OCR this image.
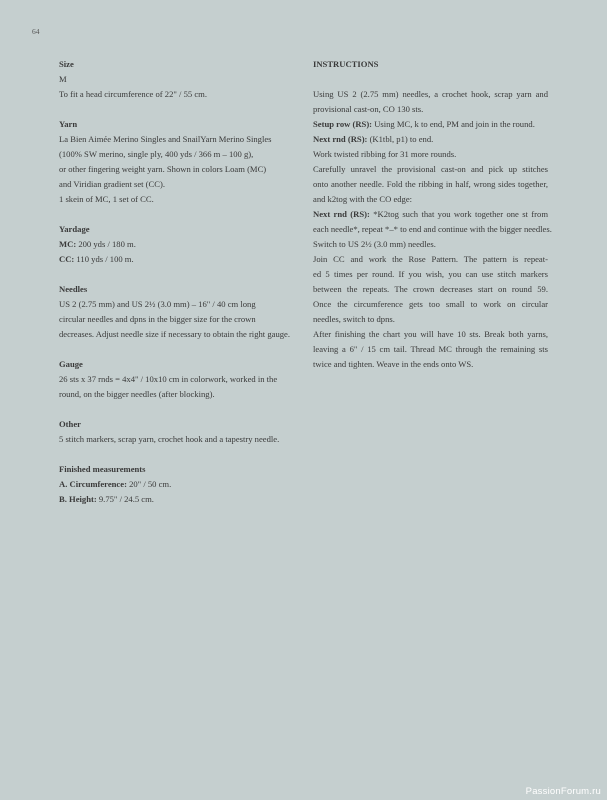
64
Size
M
To fit a head circumference of 22" / 55 cm.
Yarn
La Bien Aimée Merino Singles and SnailYarn Merino Singles
(100% SW merino, single ply, 400 yds / 366 m – 100 g),
or other fingering weight yarn. Shown in colors Loam (MC)
and Viridian gradient set (CC).
1 skein of MC, 1 set of CC.
Yardage
MC: 200 yds / 180 m.
CC: 110 yds / 100 m.
Needles
US 2 (2.75 mm) and US 2½ (3.0 mm) – 16" / 40 cm long
circular needles and dpns in the bigger size for the crown
decreases. Adjust needle size if necessary to obtain the right gauge.
Gauge
26 sts x 37 rnds = 4x4" / 10x10 cm in colorwork, worked in the
round, on the bigger needles (after blocking).
Other
5 stitch markers, scrap yarn, crochet hook and a tapestry needle.
Finished measurements
A. Circumference: 20" / 50 cm.
B. Height: 9.75" / 24.5 cm.
INSTRUCTIONS
Using US 2 (2.75 mm) needles, a crochet hook, scrap yarn and
provisional cast-on, CO 130 sts.
Setup row (RS): Using MC, k to end, PM and join in the round.
Next rnd (RS): (K1tbl, p1) to end.
Work twisted ribbing for 31 more rounds.
Carefully unravel the provisional cast-on and pick up stitches
onto another needle. Fold the ribbing in half, wrong sides together,
and k2tog with the CO edge:
Next rnd (RS): *K2tog such that you work together one st from
each needle*, repeat *–* to end and continue with the bigger needles.
Switch to US 2½ (3.0 mm) needles.
Join CC and work the Rose Pattern. The pattern is repeat-
ed 5 times per round. If you wish, you can use stitch markers
between the repeats. The crown decreases start on round 59.
Once the circumference gets too small to work on circular
needles, switch to dpns.
After finishing the chart you will have 10 sts. Break both yarns,
leaving a 6" / 15 cm tail. Thread MC through the remaining sts
twice and tighten. Weave in the ends onto WS.
PassionForum.ru
